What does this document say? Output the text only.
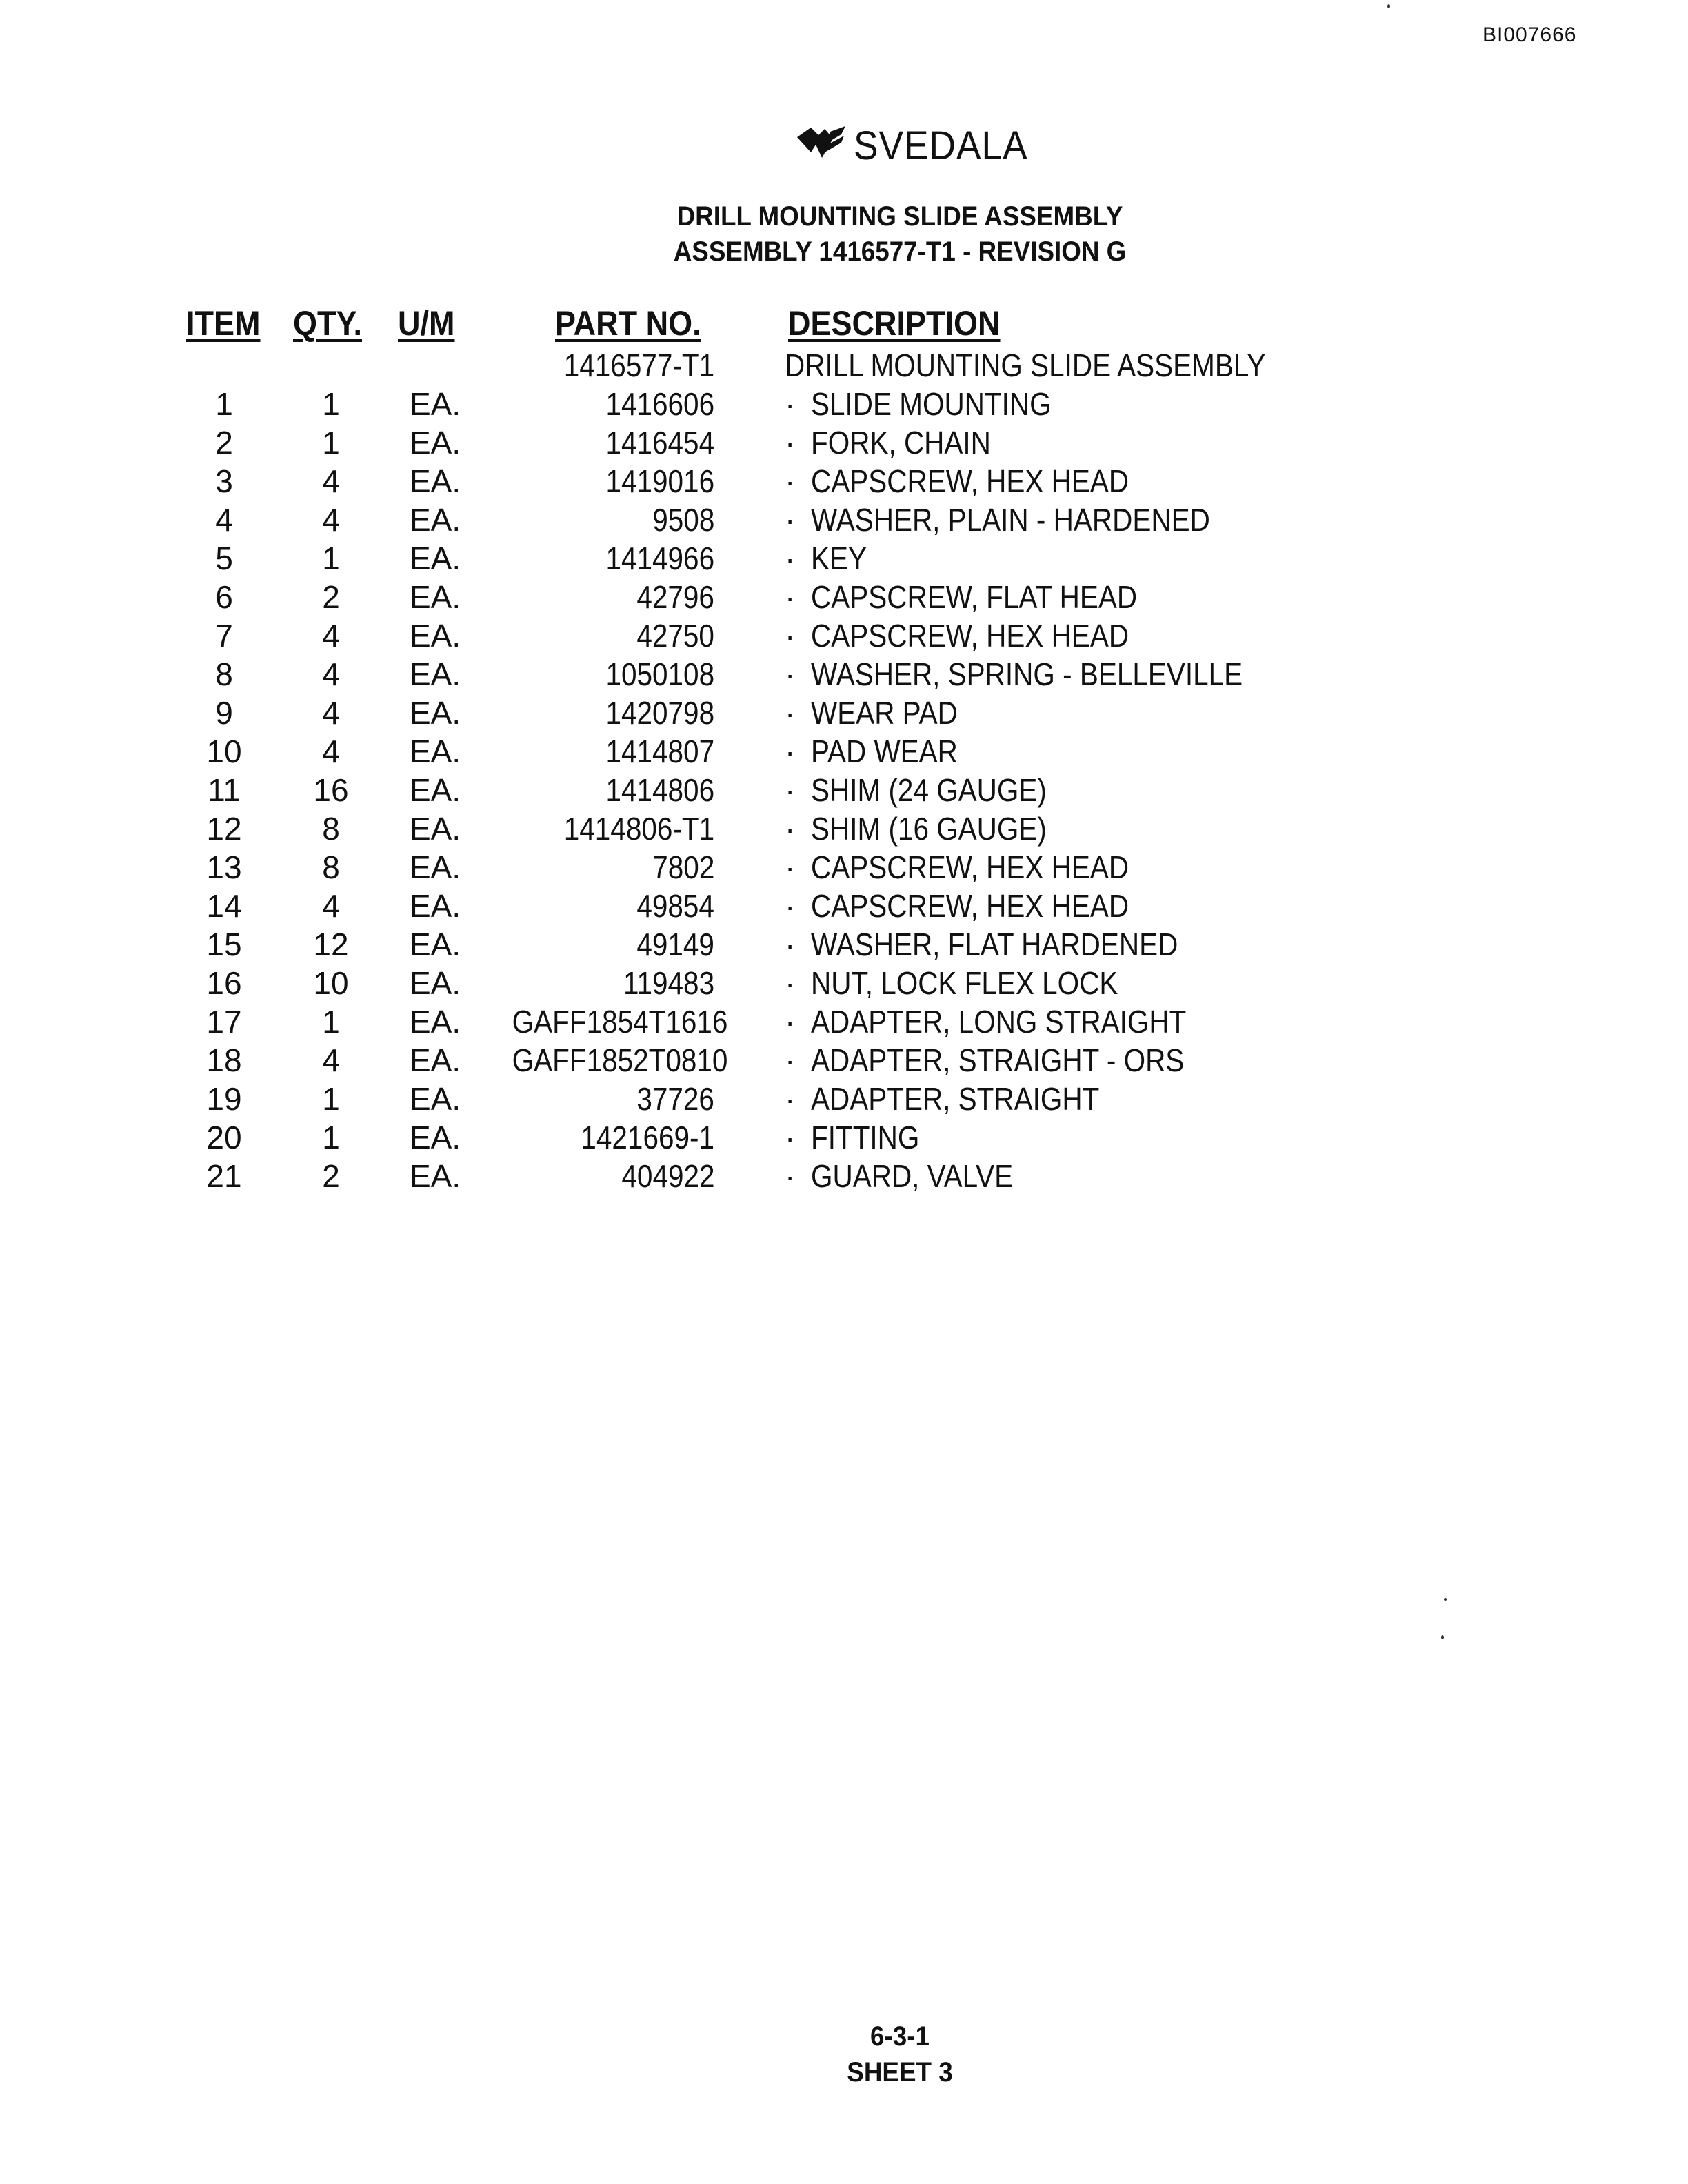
BI007666
SVEDALA
DRILL MOUNTING SLIDE ASSEMBLY
ASSEMBLY 1416577-T1 - REVISION G
ITEM QTY. U/M	PART NO.	DESCRIPTION
1416577-T1 DRILL MOUNTING SLIDE ASSEMBLY
1	1	EA.	1416606 · SLIDE MOUNTING
2	1	EA.	1416454 · FORK, CHAIN
3	4	EA.	1419016 · CAPSCREW, HEX HEAD
4	4	EA.	9508 · WASHER, PLAIN - HARDENED
5	1	EA.	1414966 · KEY
6	2	EA.	42796 · CAPSCREW, FLAT HEAD
7	4	EA.	42750 · CAPSCREW, HEX HEAD
8	4	EA.	1050108 · WASHER, SPRING - BELLEVILLE
9	4	EA.	1420798 · WEAR PAD
10	4	EA.	1414807 · PAD WEAR
11	16	EA.	1414806 · SHIM (24 GAUGE)
12	8	EA.	1414806-T1 · SHIM (16 GAUGE)
13	8	EA.	7802 · CAPSCREW, HEX HEAD
14	4	EA.	49854 · CAPSCREW, HEX HEAD
15	12	EA.	49149 · WASHER, FLAT HARDENED
16	10	EA.	119483 · NUT, LOCK FLEX LOCK
17	1	EA.	GAFF1854T1616 · ADAPTER, LONG STRAIGHT
18	4	EA.	GAFF1852T0810 · ADAPTER, STRAIGHT - ORS
19	1	EA.	37726 · ADAPTER, STRAIGHT
20	1	EA.	1421669-1 · FITTING
21	2	EA.	404922 · GUARD, VALVE
6-3-1
SHEET 3
